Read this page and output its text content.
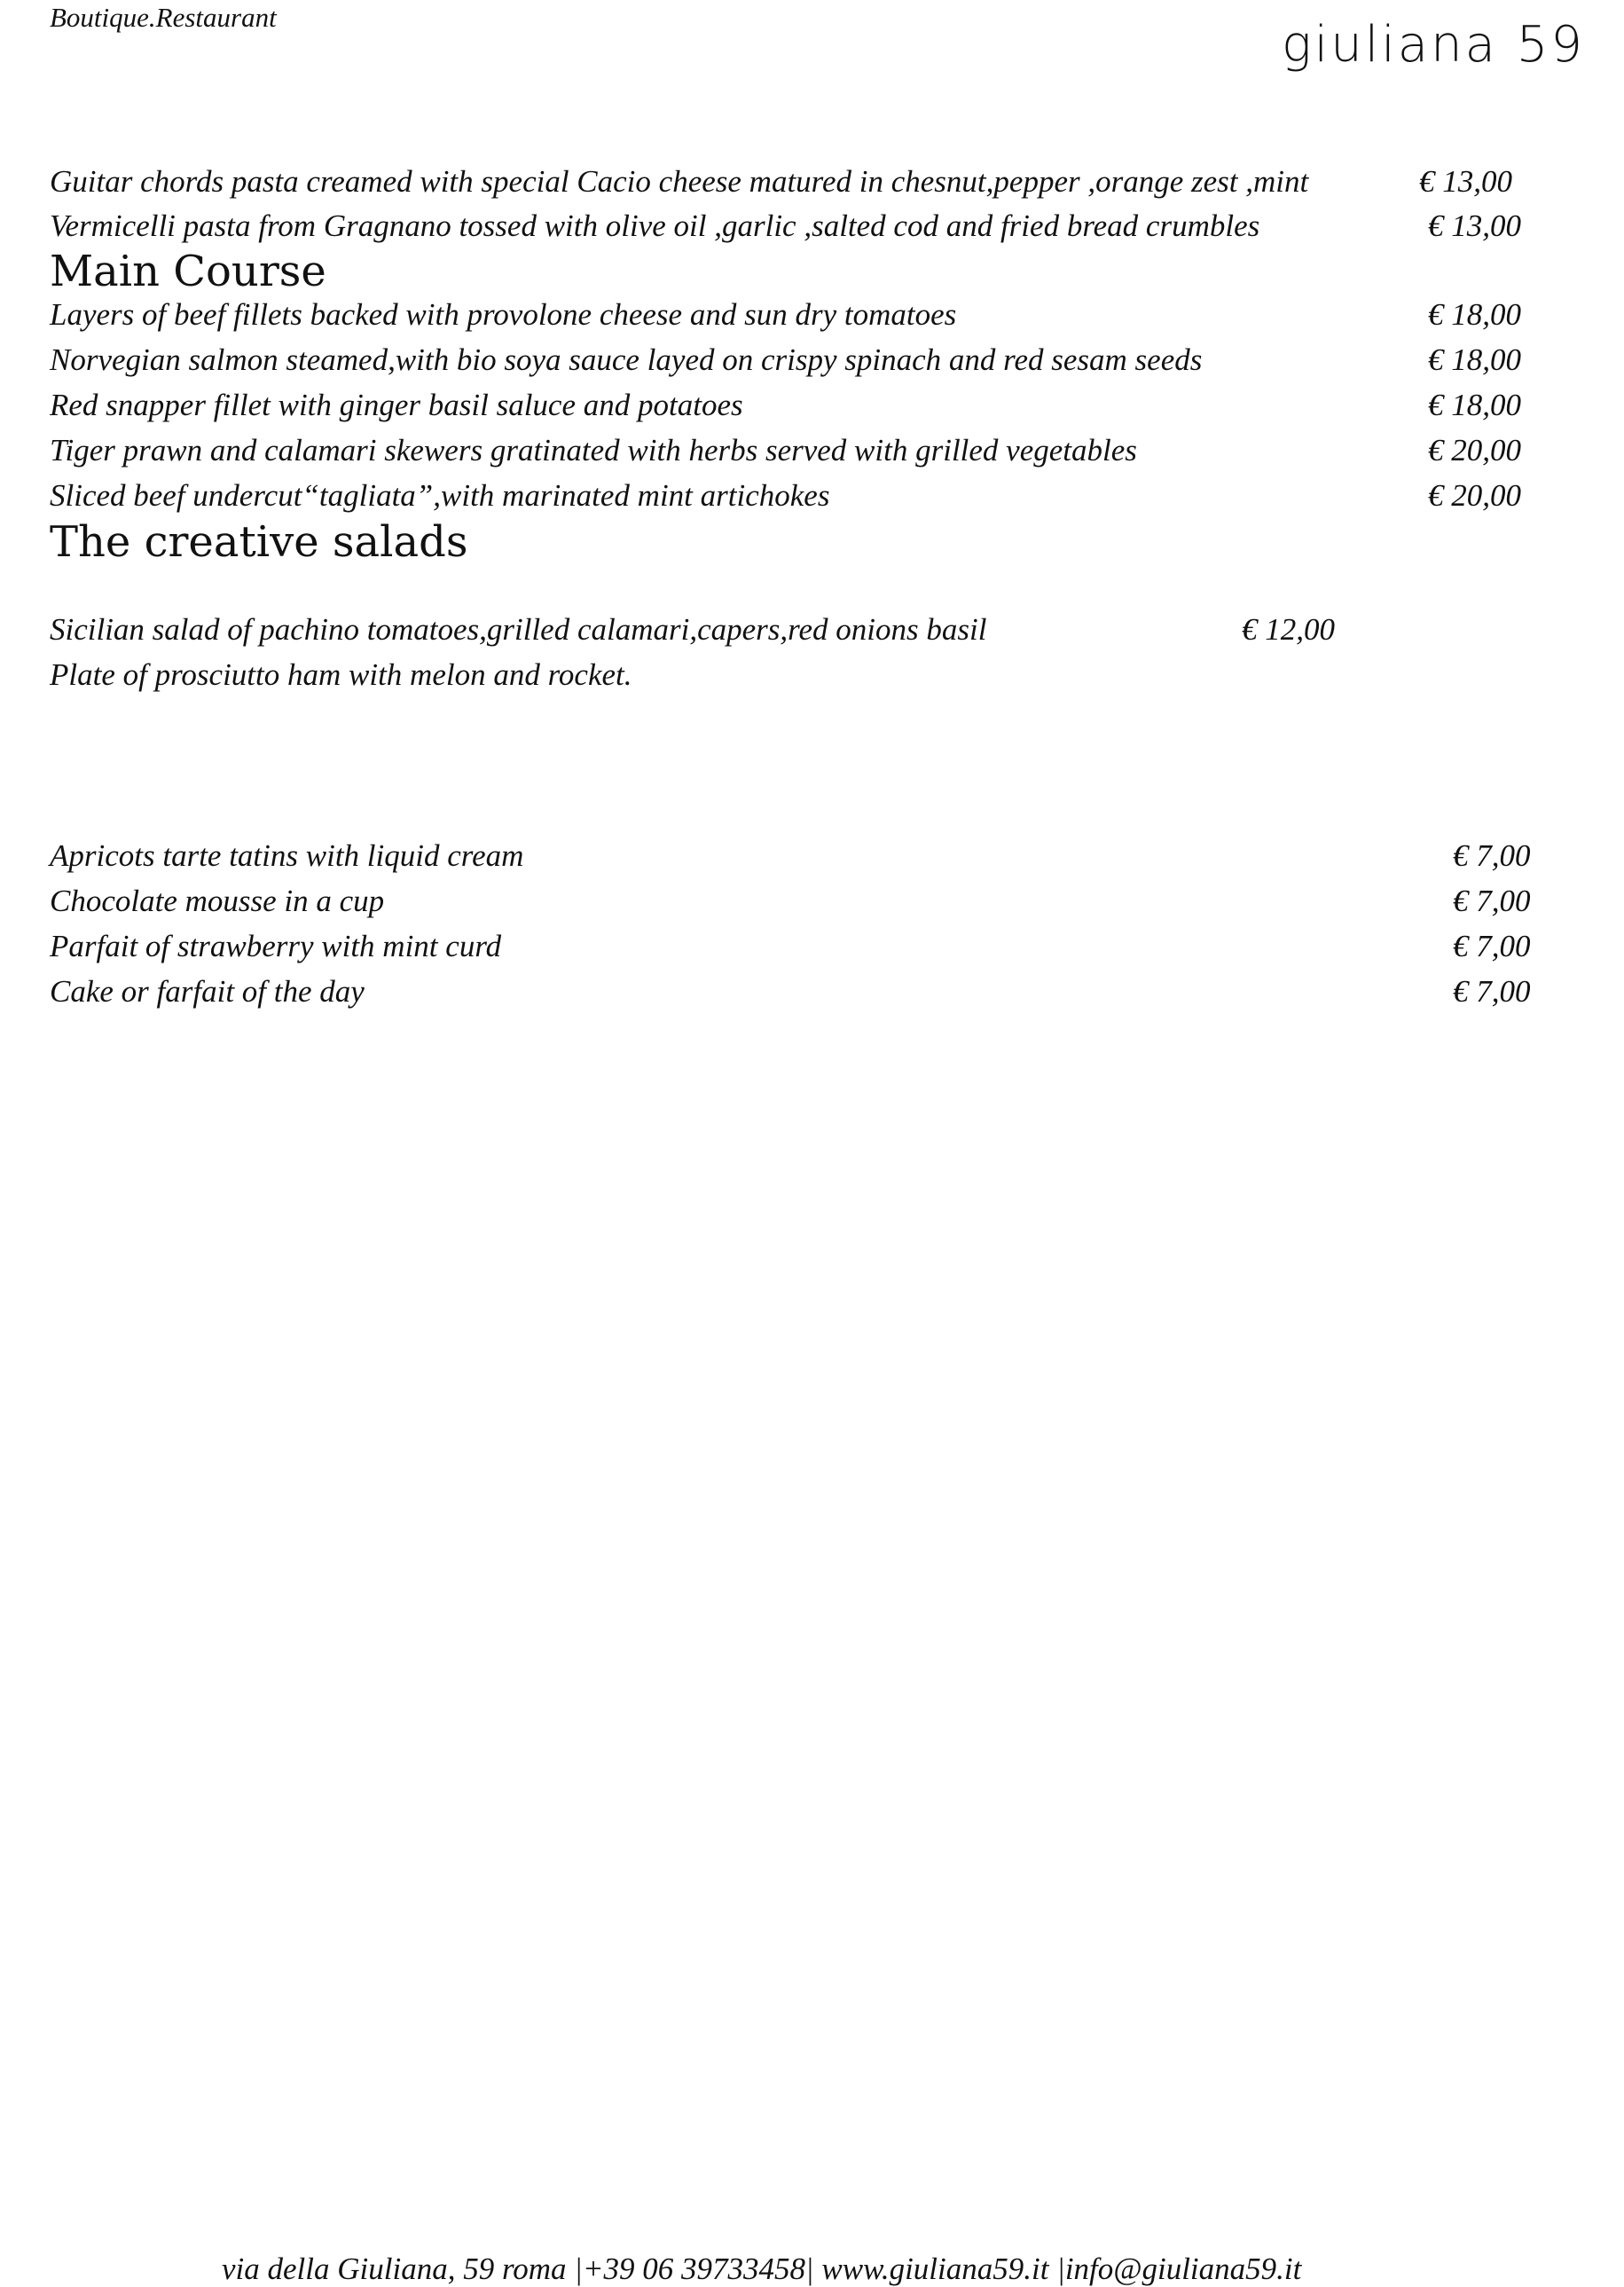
Boutique.Restaurant	giuliana 59
Guitar chords pasta creamed with special Cacio cheese matured in chesnut,pepper ,orange zest ,mint	€ 13,00
Vermicelli pasta from Gragnano tossed with olive oil ,garlic ,salted cod and fried bread crumbles	€ 13,00
Main Course
Layers of beef fillets backed with provolone cheese and sun dry tomatoes	€ 18,00
Norvegian salmon steamed,with bio soya sauce layed on crispy spinach and red sesam seeds	€ 18,00
Red snapper fillet with ginger basil saluce and potatoes	€ 18,00
Tiger prawn and calamari skewers gratinated with herbs served with grilled vegetables	€ 20,00
Sliced beef undercut“tagliata”,with marinated mint artichokes	€ 20,00
The creative salads
Sicilian salad of pachino tomatoes,grilled calamari,capers,red onions basil	€ 12,00
Plate of prosciutto ham with melon and rocket.
Apricots tarte tatins with liquid cream	€ 7,00
Chocolate mousse in a cup	€ 7,00
Parfait of strawberry with mint curd	€ 7,00
Cake or farfait of the day	€ 7,00
via della Giuliana, 59 roma |+39 06 39733458| www.giuliana59.it |info@giuliana59.it
